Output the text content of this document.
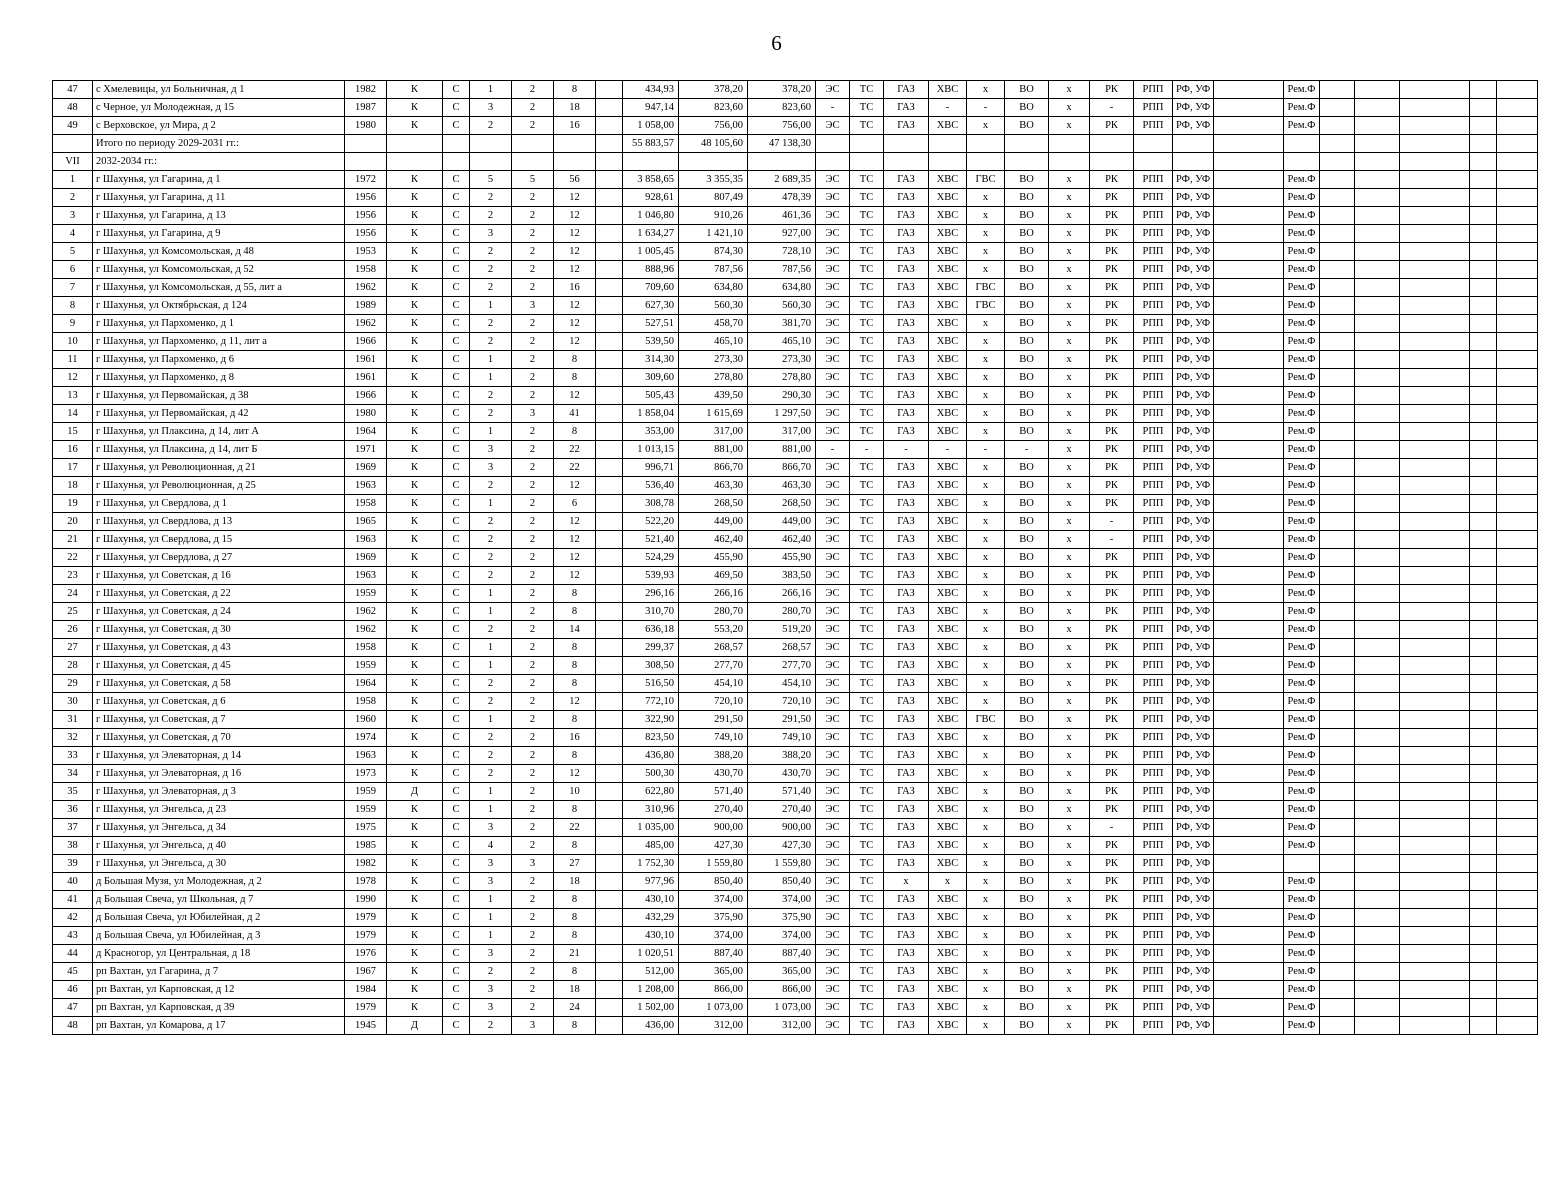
6
47	с Хмелевицы, ул Больничная, д 1	1982	К	С	1	2	8		434,93	378,20	378,20	ЭС	ТС	ГАЗ	ХВС	х	ВО	х	РК	РПП	РФ, УФ		Рем.Ф					
48	с Черное, ул Молодежная, д 15	1987	К	С	3	2	18		947,14	823,60	823,60	-	ТС	ГАЗ	-	-	ВО	х	-	РПП	РФ, УФ		Рем.Ф					
49	с Верховское, ул Мира, д 2	1980	К	С	2	2	16		1 058,00	756,00	756,00	ЭС	ТС	ГАЗ	ХВС	х	ВО	х	РК	РПП	РФ, УФ		Рем.Ф					
	Итого по периоду 2029-2031 гг.:								55 883,57	48 105,60	47 138,30																	
VII	2032-2034 гг.:																											
1	г Шахунья, ул Гагарина, д 1	1972	К	С	5	5	56		3 858,65	3 355,35	2 689,35	ЭС	ТС	ГАЗ	ХВС	ГВС	ВО	х	РК	РПП	РФ, УФ		Рем.Ф					
2	г Шахунья, ул Гагарина, д 11	1956	К	С	2	2	12		928,61	807,49	478,39	ЭС	ТС	ГАЗ	ХВС	х	ВО	х	РК	РПП	РФ, УФ		Рем.Ф					
3	г Шахунья, ул Гагарина, д 13	1956	К	С	2	2	12		1 046,80	910,26	461,36	ЭС	ТС	ГАЗ	ХВС	х	ВО	х	РК	РПП	РФ, УФ		Рем.Ф					
4	г Шахунья, ул Гагарина, д 9	1956	К	С	3	2	12		1 634,27	1 421,10	927,00	ЭС	ТС	ГАЗ	ХВС	х	ВО	х	РК	РПП	РФ, УФ		Рем.Ф					
5	г Шахунья, ул Комсомольская, д 48	1953	К	С	2	2	12		1 005,45	874,30	728,10	ЭС	ТС	ГАЗ	ХВС	х	ВО	х	РК	РПП	РФ, УФ		Рем.Ф					
6	г Шахунья, ул Комсомольская, д 52	1958	К	С	2	2	12		888,96	787,56	787,56	ЭС	ТС	ГАЗ	ХВС	х	ВО	х	РК	РПП	РФ, УФ		Рем.Ф					
7	г Шахунья, ул Комсомольская, д 55, лит а	1962	К	С	2	2	16		709,60	634,80	634,80	ЭС	ТС	ГАЗ	ХВС	ГВС	ВО	х	РК	РПП	РФ, УФ		Рем.Ф					
8	г Шахунья, ул Октябрьская, д 124	1989	К	С	1	3	12		627,30	560,30	560,30	ЭС	ТС	ГАЗ	ХВС	ГВС	ВО	х	РК	РПП	РФ, УФ		Рем.Ф					
9	г Шахунья, ул Пархоменко, д 1	1962	К	С	2	2	12		527,51	458,70	381,70	ЭС	ТС	ГАЗ	ХВС	х	ВО	х	РК	РПП	РФ, УФ		Рем.Ф					
10	г Шахунья, ул Пархоменко, д 11, лит а	1966	К	С	2	2	12		539,50	465,10	465,10	ЭС	ТС	ГАЗ	ХВС	х	ВО	х	РК	РПП	РФ, УФ		Рем.Ф					
11	г Шахунья, ул Пархоменко, д 6	1961	К	С	1	2	8		314,30	273,30	273,30	ЭС	ТС	ГАЗ	ХВС	х	ВО	х	РК	РПП	РФ, УФ		Рем.Ф					
12	г Шахунья, ул Пархоменко, д 8	1961	К	С	1	2	8		309,60	278,80	278,80	ЭС	ТС	ГАЗ	ХВС	х	ВО	х	РК	РПП	РФ, УФ		Рем.Ф					
13	г Шахунья, ул Первомайская, д 38	1966	К	С	2	2	12		505,43	439,50	290,30	ЭС	ТС	ГАЗ	ХВС	х	ВО	х	РК	РПП	РФ, УФ		Рем.Ф					
14	г Шахунья, ул Первомайская, д 42	1980	К	С	2	3	41		1 858,04	1 615,69	1 297,50	ЭС	ТС	ГАЗ	ХВС	х	ВО	х	РК	РПП	РФ, УФ		Рем.Ф					
15	г Шахунья, ул Плаксина, д 14, лит А	1964	К	С	1	2	8		353,00	317,00	317,00	ЭС	ТС	ГАЗ	ХВС	х	ВО	х	РК	РПП	РФ, УФ		Рем.Ф					
16	г Шахунья, ул Плаксина, д 14, лит Б	1971	К	С	3	2	22		1 013,15	881,00	881,00	-	-	-	-	-	-	х	РК	РПП	РФ, УФ		Рем.Ф					
17	г Шахунья, ул Революционная, д 21	1969	К	С	3	2	22		996,71	866,70	866,70	ЭС	ТС	ГАЗ	ХВС	х	ВО	х	РК	РПП	РФ, УФ		Рем.Ф					
18	г Шахунья, ул Революционная, д 25	1963	К	С	2	2	12		536,40	463,30	463,30	ЭС	ТС	ГАЗ	ХВС	х	ВО	х	РК	РПП	РФ, УФ		Рем.Ф					
19	г Шахунья, ул Свердлова, д 1	1958	К	С	1	2	6		308,78	268,50	268,50	ЭС	ТС	ГАЗ	ХВС	х	ВО	х	РК	РПП	РФ, УФ		Рем.Ф					
20	г Шахунья, ул Свердлова, д 13	1965	К	С	2	2	12		522,20	449,00	449,00	ЭС	ТС	ГАЗ	ХВС	х	ВО	х	-	РПП	РФ, УФ		Рем.Ф					
21	г Шахунья, ул Свердлова, д 15	1963	К	С	2	2	12		521,40	462,40	462,40	ЭС	ТС	ГАЗ	ХВС	х	ВО	х	-	РПП	РФ, УФ		Рем.Ф					
22	г Шахунья, ул Свердлова, д 27	1969	К	С	2	2	12		524,29	455,90	455,90	ЭС	ТС	ГАЗ	ХВС	х	ВО	х	РК	РПП	РФ, УФ		Рем.Ф					
23	г Шахунья, ул Советская, д 16	1963	К	С	2	2	12		539,93	469,50	383,50	ЭС	ТС	ГАЗ	ХВС	х	ВО	х	РК	РПП	РФ, УФ		Рем.Ф					
24	г Шахунья, ул Советская, д 22	1959	К	С	1	2	8		296,16	266,16	266,16	ЭС	ТС	ГАЗ	ХВС	х	ВО	х	РК	РПП	РФ, УФ		Рем.Ф					
25	г Шахунья, ул Советская, д 24	1962	К	С	1	2	8		310,70	280,70	280,70	ЭС	ТС	ГАЗ	ХВС	х	ВО	х	РК	РПП	РФ, УФ		Рем.Ф					
26	г Шахунья, ул Советская, д 30	1962	К	С	2	2	14		636,18	553,20	519,20	ЭС	ТС	ГАЗ	ХВС	х	ВО	х	РК	РПП	РФ, УФ		Рем.Ф					
27	г Шахунья, ул Советская, д 43	1958	К	С	1	2	8		299,37	268,57	268,57	ЭС	ТС	ГАЗ	ХВС	х	ВО	х	РК	РПП	РФ, УФ		Рем.Ф					
28	г Шахунья, ул Советская, д 45	1959	К	С	1	2	8		308,50	277,70	277,70	ЭС	ТС	ГАЗ	ХВС	х	ВО	х	РК	РПП	РФ, УФ		Рем.Ф					
29	г Шахунья, ул Советская, д 58	1964	К	С	2	2	8		516,50	454,10	454,10	ЭС	ТС	ГАЗ	ХВС	х	ВО	х	РК	РПП	РФ, УФ		Рем.Ф					
30	г Шахунья, ул Советская, д 6	1958	К	С	2	2	12		772,10	720,10	720,10	ЭС	ТС	ГАЗ	ХВС	х	ВО	х	РК	РПП	РФ, УФ		Рем.Ф					
31	г Шахунья, ул Советская, д 7	1960	К	С	1	2	8		322,90	291,50	291,50	ЭС	ТС	ГАЗ	ХВС	ГВС	ВО	х	РК	РПП	РФ, УФ		Рем.Ф					
32	г Шахунья, ул Советская, д 70	1974	К	С	2	2	16		823,50	749,10	749,10	ЭС	ТС	ГАЗ	ХВС	х	ВО	х	РК	РПП	РФ, УФ		Рем.Ф					
33	г Шахунья, ул Элеваторная, д 14	1963	К	С	2	2	8		436,80	388,20	388,20	ЭС	ТС	ГАЗ	ХВС	х	ВО	х	РК	РПП	РФ, УФ		Рем.Ф					
34	г Шахунья, ул Элеваторная, д 16	1973	К	С	2	2	12		500,30	430,70	430,70	ЭС	ТС	ГАЗ	ХВС	х	ВО	х	РК	РПП	РФ, УФ		Рем.Ф					
35	г Шахунья, ул Элеваторная, д 3	1959	Д	С	1	2	10		622,80	571,40	571,40	ЭС	ТС	ГАЗ	ХВС	х	ВО	х	РК	РПП	РФ, УФ		Рем.Ф					
36	г Шахунья, ул Энгельса, д 23	1959	К	С	1	2	8		310,96	270,40	270,40	ЭС	ТС	ГАЗ	ХВС	х	ВО	х	РК	РПП	РФ, УФ		Рем.Ф					
37	г Шахунья, ул Энгельса, д 34	1975	К	С	3	2	22		1 035,00	900,00	900,00	ЭС	ТС	ГАЗ	ХВС	х	ВО	х	-	РПП	РФ, УФ		Рем.Ф					
38	г Шахунья, ул Энгельса, д 40	1985	К	С	4	2	8		485,00	427,30	427,30	ЭС	ТС	ГАЗ	ХВС	х	ВО	х	РК	РПП	РФ, УФ		Рем.Ф					
39	г Шахунья, ул Энгельса, д 30	1982	К	С	3	3	27		1 752,30	1 559,80	1 559,80	ЭС	ТС	ГАЗ	ХВС	х	ВО	х	РК	РПП	РФ, УФ							
40	д Большая Музя, ул Молодежная, д 2	1978	К	С	3	2	18		977,96	850,40	850,40	ЭС	ТС	х	х	х	ВО	х	РК	РПП	РФ, УФ		Рем.Ф					
41	д Большая Свеча, ул Школьная, д 7	1990	К	С	1	2	8		430,10	374,00	374,00	ЭС	ТС	ГАЗ	ХВС	х	ВО	х	РК	РПП	РФ, УФ		Рем.Ф					
42	д Большая Свеча, ул Юбилейная, д 2	1979	К	С	1	2	8		432,29	375,90	375,90	ЭС	ТС	ГАЗ	ХВС	х	ВО	х	РК	РПП	РФ, УФ		Рем.Ф					
43	д Большая Свеча, ул Юбилейная, д 3	1979	К	С	1	2	8		430,10	374,00	374,00	ЭС	ТС	ГАЗ	ХВС	х	ВО	х	РК	РПП	РФ, УФ		Рем.Ф					
44	д Красногор, ул Центральная, д 18	1976	К	С	3	2	21		1 020,51	887,40	887,40	ЭС	ТС	ГАЗ	ХВС	х	ВО	х	РК	РПП	РФ, УФ		Рем.Ф					
45	рп Вахтан, ул Гагарина, д 7	1967	К	С	2	2	8		512,00	365,00	365,00	ЭС	ТС	ГАЗ	ХВС	х	ВО	х	РК	РПП	РФ, УФ		Рем.Ф					
46	рп Вахтан, ул Карповская, д 12	1984	К	С	3	2	18		1 208,00	866,00	866,00	ЭС	ТС	ГАЗ	ХВС	х	ВО	х	РК	РПП	РФ, УФ		Рем.Ф					
47	рп Вахтан, ул Карповская, д 39	1979	К	С	3	2	24		1 502,00	1 073,00	1 073,00	ЭС	ТС	ГАЗ	ХВС	х	ВО	х	РК	РПП	РФ, УФ		Рем.Ф					
48	рп Вахтан, ул Комарова, д 17	1945	Д	С	2	3	8		436,00	312,00	312,00	ЭС	ТС	ГАЗ	ХВС	х	ВО	х	РК	РПП	РФ, УФ		Рем.Ф					
